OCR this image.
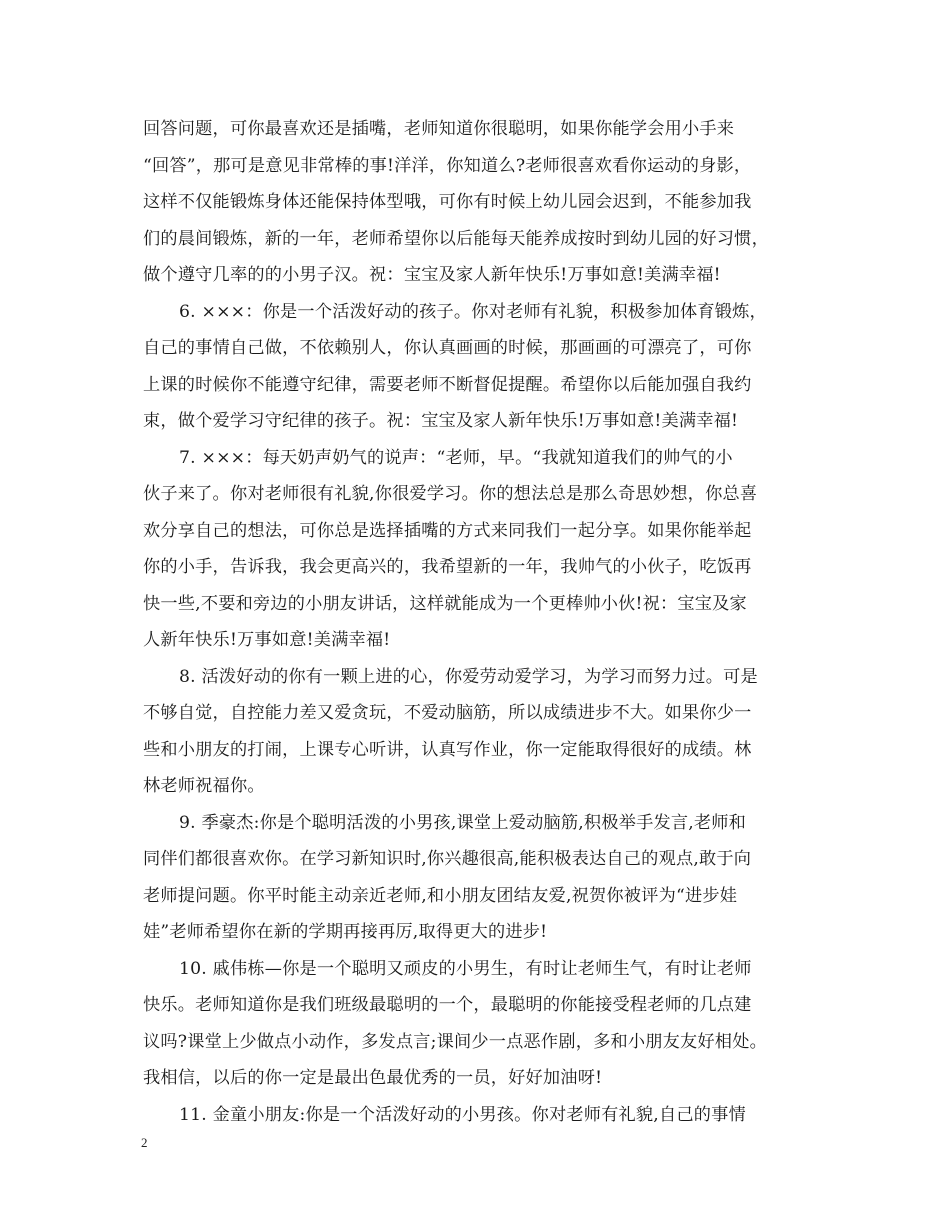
回答问题，可你最喜欢还是插嘴，老师知道你很聪明，如果你能学会用小手来
“回答”，那可是意见非常棒的事!洋洋，你知道么?老师很喜欢看你运动的身影，
这样不仅能锻炼身体还能保持体型哦，可你有时候上幼儿园会迟到，不能参加我
们的晨间锻炼，新的一年，老师希望你以后能每天能养成按时到幼儿园的好习惯，
做个遵守几率的的小男子汉。祝：宝宝及家人新年快乐!万事如意!美满幸福!
6. ×××：你是一个活泼好动的孩子。你对老师有礼貌，积极参加体育锻炼，
自己的事情自己做，不依赖别人，你认真画画的时候，那画画的可漂亮了，可你
上课的时候你不能遵守纪律，需要老师不断督促提醒。希望你以后能加强自我约
束，做个爱学习守纪律的孩子。祝：宝宝及家人新年快乐!万事如意!美满幸福!
7. ×××：每天奶声奶气的说声：“老师，早。“我就知道我们的帅气的小
伙子来了。你对老师很有礼貌,你很爱学习。你的想法总是那么奇思妙想，你总喜
欢分享自己的想法，可你总是选择插嘴的方式来同我们一起分享。如果你能举起
你的小手，告诉我，我会更高兴的，我希望新的一年，我帅气的小伙子，吃饭再
快一些,不要和旁边的小朋友讲话，这样就能成为一个更棒帅小伙!祝：宝宝及家
人新年快乐!万事如意!美满幸福!
8. 活泼好动的你有一颗上进的心，你爱劳动爱学习，为学习而努力过。可是
不够自觉，自控能力差又爱贪玩，不爱动脑筋，所以成绩进步不大。如果你少一
些和小朋友的打闹，上课专心听讲，认真写作业，你一定能取得很好的成绩。林
林老师祝福你。
9. 季豪杰:你是个聪明活泼的小男孩,课堂上爱动脑筋,积极举手发言,老师和
同伴们都很喜欢你。在学习新知识时,你兴趣很高,能积极表达自己的观点,敢于向
老师提问题。你平时能主动亲近老师,和小朋友团结友爱,祝贺你被评为“进步娃
娃”老师希望你在新的学期再接再厉,取得更大的进步!
10. 戚伟栋—你是一个聪明又顽皮的小男生，有时让老师生气，有时让老师
快乐。老师知道你是我们班级最聪明的一个，最聪明的你能接受程老师的几点建
议吗?课堂上少做点小动作，多发点言;课间少一点恶作剧，多和小朋友友好相处。
我相信，以后的你一定是最出色最优秀的一员，好好加油呀!
11. 金童小朋友:你是一个活泼好动的小男孩。你对老师有礼貌,自己的事情
2
